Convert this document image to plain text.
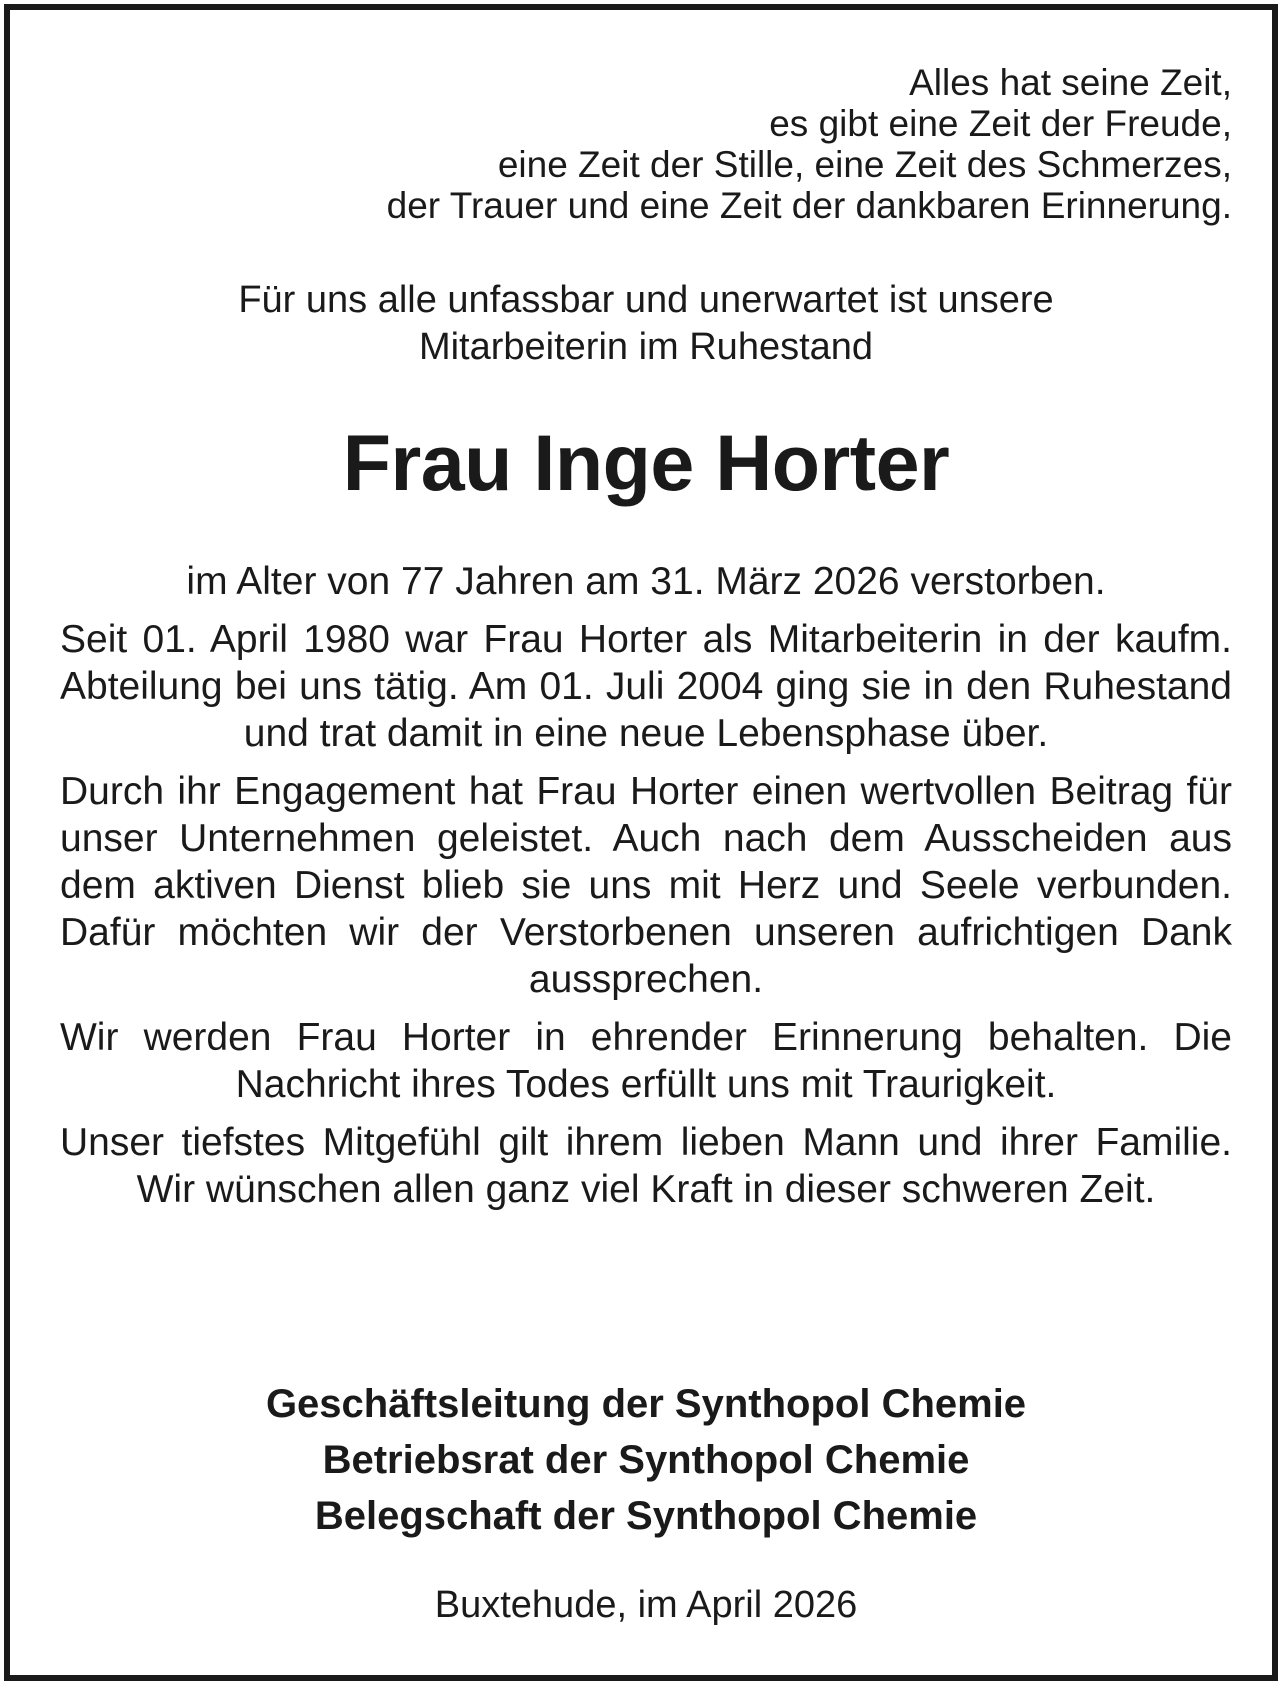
Alles hat seine Zeit,
es gibt eine Zeit der Freude,
eine Zeit der Stille, eine Zeit des Schmerzes,
der Trauer und eine Zeit der dankbaren Erinnerung.
Für uns alle unfassbar und unerwartet ist unsere
Mitarbeiterin im Ruhestand
Frau Inge Horter

im Alter von 77 Jahren am 31. März 2026 verstorben.

Seit 01. April 1980 war Frau Horter als Mitarbeiterin in der kaufm. Abteilung bei uns tätig. Am 01. Juli 2004 ging sie in den Ruhestand und trat damit in eine neue Lebensphase über.

Durch ihr Engagement hat Frau Horter einen wertvollen Beitrag für unser Unternehmen geleistet. Auch nach dem Ausscheiden aus dem aktiven Dienst blieb sie uns mit Herz und Seele verbunden. Dafür möchten wir der Verstorbenen unseren aufrichtigen Dank aussprechen.

Wir werden Frau Horter in ehrender Erinnerung behalten. Die Nachricht ihres Todes erfüllt uns mit Traurigkeit.

Unser tiefstes Mitgefühl gilt ihrem lieben Mann und ihrer Familie. Wir wünschen allen ganz viel Kraft in dieser schweren Zeit.

Geschäftsleitung der Synthopol Chemie
Betriebsrat der Synthopol Chemie
Belegschaft der Synthopol Chemie
Buxtehude, im April 2026
